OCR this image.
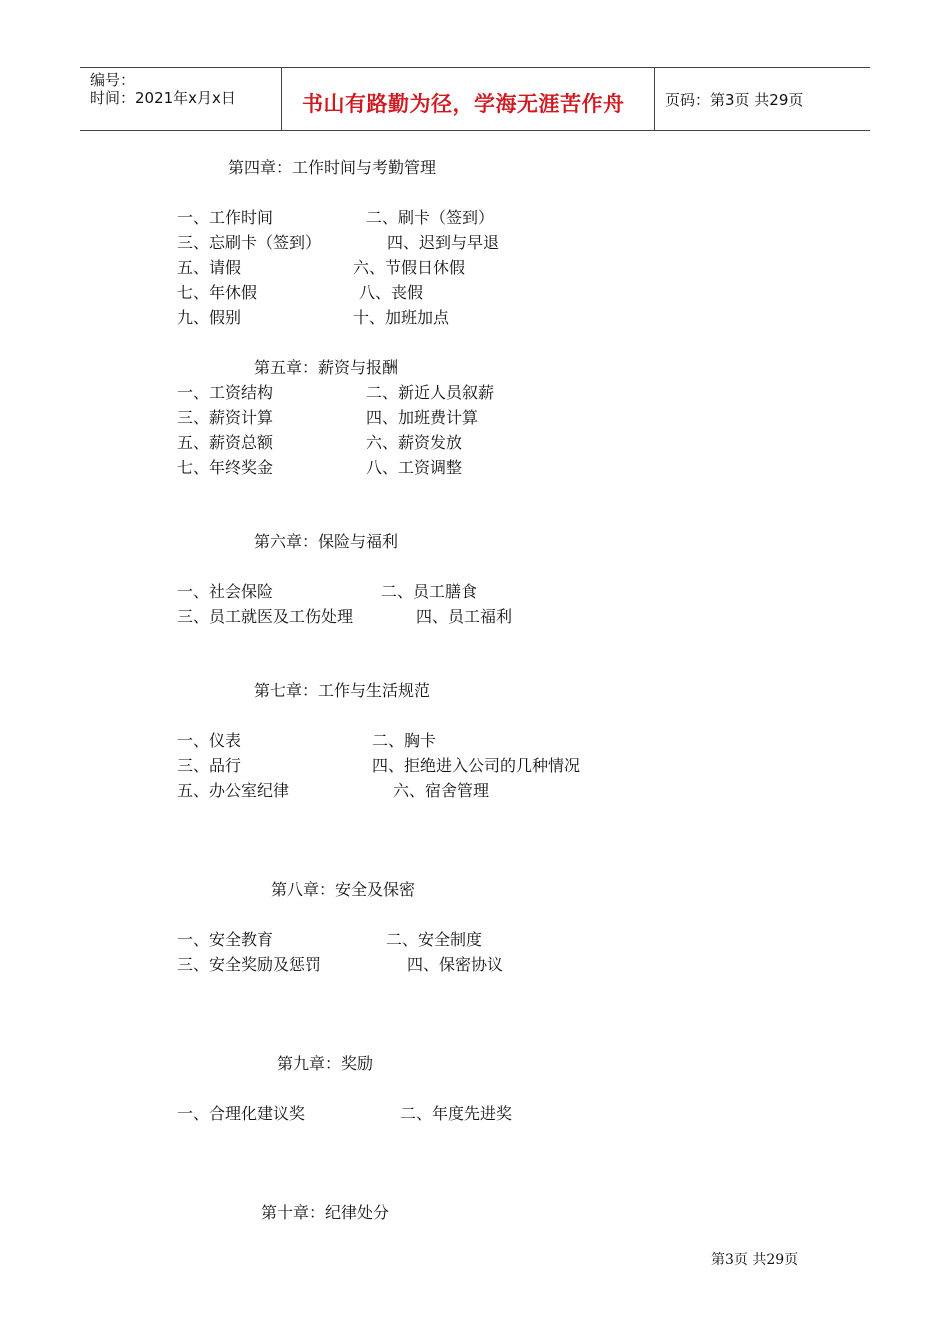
编号：
时间：2021年x月x日	书山有路勤为径，学海无涯苦作舟	页码：第3页 共29页
第四章：工作时间与考勤管理
一、工作时间	二、刷卡（签到）
三、忘刷卡（签到）	四、迟到与早退
五、请假	六、节假日休假
七、年休假	八、丧假
九、假别	十、加班加点
第五章：薪资与报酬
一、工资结构	二、新近人员叙薪
三、薪资计算	四、加班费计算
五、薪资总额	六、薪资发放
七、年终奖金	八、工资调整
第六章：保险与福利
一、社会保险	二、员工膳食
三、员工就医及工伤处理	四、员工福利
第七章：工作与生活规范
一、仪表	二、胸卡
三、品行	四、拒绝进入公司的几种情况
五、办公室纪律	六、宿舍管理
第八章：安全及保密
一、安全教育	二、安全制度
三、安全奖励及惩罚	四、保密协议
第九章：奖励
一、合理化建议奖	二、年度先进奖
第十章：纪律处分
第3页 共29页
